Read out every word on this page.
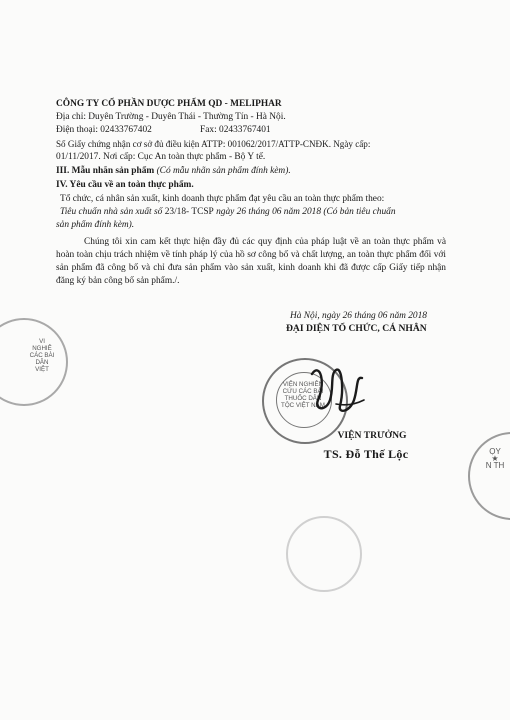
VI
NGHIÊ
CÁC BÀI
DÂN
VIỆT
ỌY
★
N TH
CÔNG TY CỔ PHẦN DƯỢC PHẨM QD - MELIPHAR
Địa chỉ: Duyên Trường - Duyên Thái - Thường Tín - Hà Nội.
Điện thoại: 02433767402	Fax: 02433767401
Số Giấy chứng nhận cơ sở đủ điều kiện ATTP: 001062/2017/ATTP-CNĐK. Ngày cấp:
01/11/2017. Nơi cấp: Cục An toàn thực phẩm - Bộ Y tế.
III. Mẫu nhãn sản phẩm (Có mẫu nhãn sản phẩm đính kèm).
IV. Yêu cầu về an toàn thực phẩm.
Tổ chức, cá nhân sản xuất, kinh doanh thực phẩm đạt yêu cầu an toàn thực phẩm theo:
Tiêu chuẩn nhà sản xuất số 23/18- TCSP ngày 26 tháng 06 năm 2018 (Có bản tiêu chuẩn
sản phẩm đính kèm).
Chúng tôi xin cam kết thực hiện đầy đủ các quy định của pháp luật về an toàn thực phẩm và hoàn toàn chịu trách nhiệm về tính pháp lý của hồ sơ công bố và chất lượng, an toàn thực phẩm đối với sản phẩm đã công bố và chỉ đưa sản phẩm vào sản xuất, kinh doanh khi đã được cấp Giấy tiếp nhận đăng ký bản công bố sản phẩm./.
Hà Nội, ngày 26 tháng 06 năm 2018
ĐẠI DIỆN TỔ CHỨC, CÁ NHÂN
VIỆN NGHIÊN CỨU CÁC BÀI THUỐC DÂN TỘC VIỆT NAM
VIỆN TRƯỞNG
TS. Đỗ Thế Lộc
